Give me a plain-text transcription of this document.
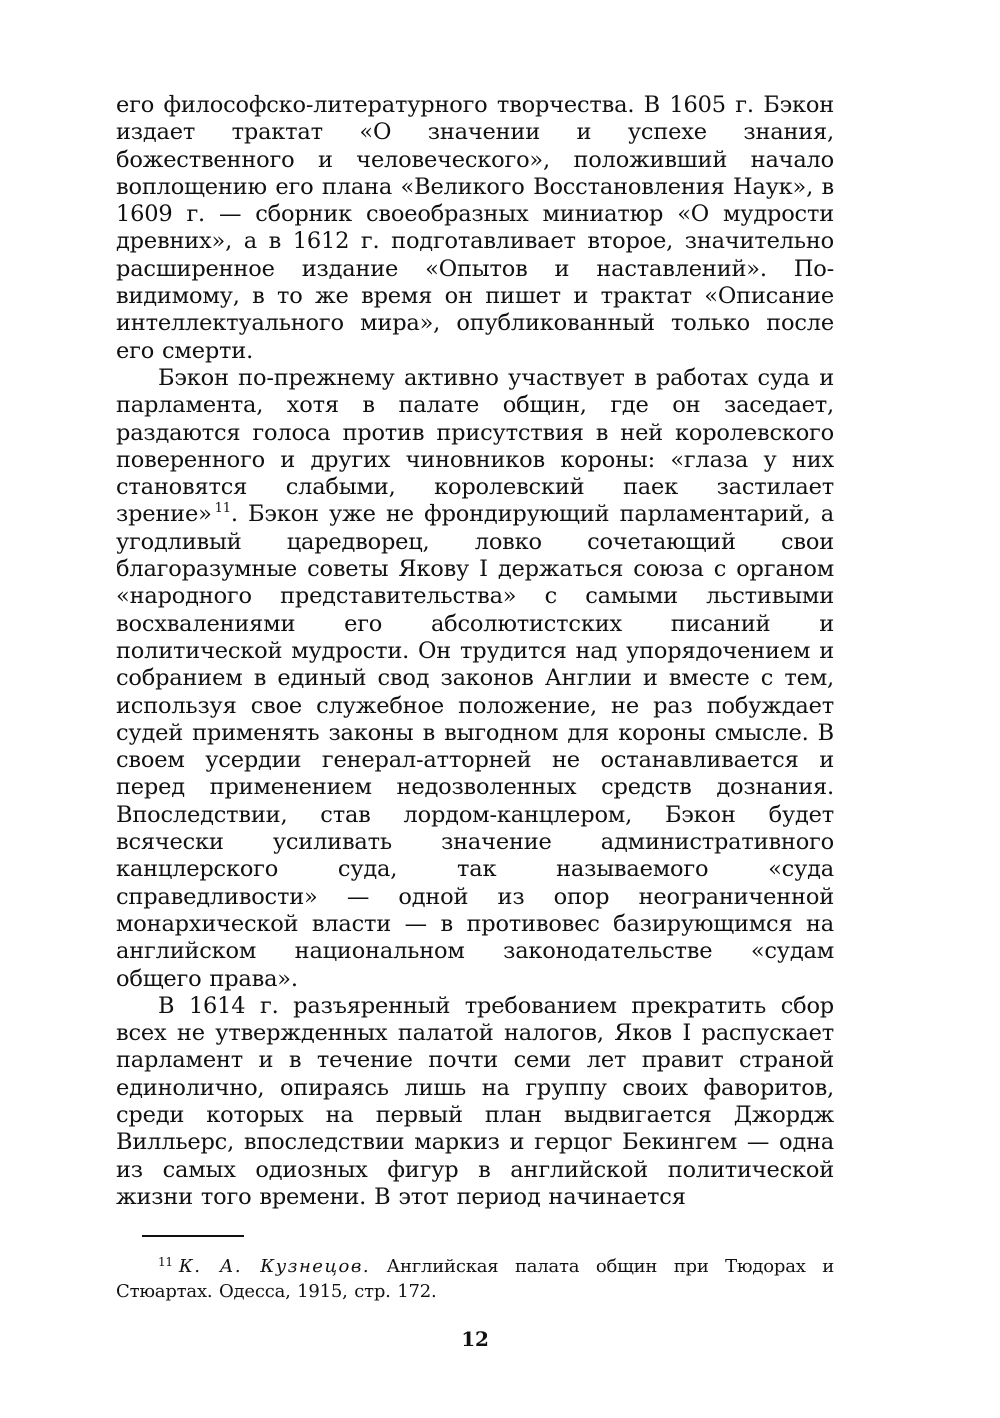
его философско-литературного творчества. В 1605 г. Бэкон издает трактат «О значении и успехе знания, божественного и человеческого», положивший начало воплощению его плана «Великого Восстановления Наук», в 1609 г. — сборник своеобразных миниатюр «О мудрости древних», а в 1612 г. подготавливает второе, значительно расширенное издание «Опытов и наставлений». По-видимому, в то же время он пишет и трактат «Описание интеллектуального мира», опубликованный только после его смерти.

Бэкон по-прежнему активно участвует в работах суда и парламента, хотя в палате общин, где он заседает, раздаются голоса против присутствия в ней королевского поверенного и других чиновников короны: «глаза у них становятся слабыми, королевский паек застилает зрение» $^{11}$. Бэкон уже не фрондирующий парламентарий, а угодливый царедворец, ловко сочетающий свои благоразумные советы Якову I держаться союза с органом «народного представительства» с самыми льстивыми восхвалениями его абсолютистских писаний и политической мудрости. Он трудится над упорядочением и собранием в единый свод законов Англии и вместе с тем, используя свое служебное положение, не раз побуждает судей применять законы в выгодном для короны смысле. В своем усердии генерал-атторней не останавливается и перед применением недозволенных средств дознания. Впоследствии, став лордом-канцлером, Бэкон будет всячески усиливать значение административного канцлерского суда, так называемого «суда справедливости» — одной из опор неограниченной монархической власти — в противовес базирующимся на английском национальном законодательстве «судам общего права».

В 1614 г. разъяренный требованием прекратить сбор всех не утвержденных палатой налогов, Яков I распускает парламент и в течение почти семи лет правит страной единолично, опираясь лишь на группу своих фаворитов, среди которых на первый план выдвигается Джордж Вилльерс, впоследствии маркиз и герцог Бекингем — одна из самых одиозных фигур в английской политической жизни того времени. В этот период начинается

$^{11}$ К. А. Кузнецов. Английская палата общин при Тюдорах и Стюартах. Одесса, 1915, стр. 172.

12
